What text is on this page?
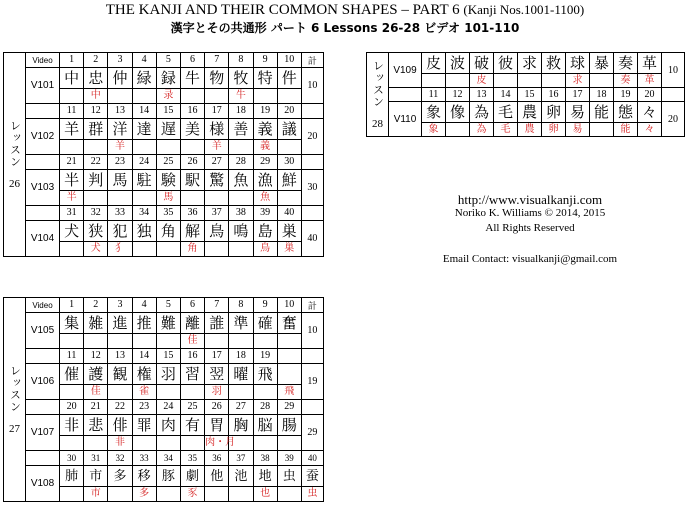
THE KANJI AND THEIR COMMON SHAPES – PART 6 (Kanji Nos.1001-1100)
漢字とその共通形 パート 6 Lessons 26-28 ビデオ 101-110
レッスン
26	Video	1	2	3	4	5	6	7	8	9	10	計
	V101	中	忠	仲	緑	録	牛	物	牧	特	件	10
			中			录			牛			
		11	12	13	14	15	16	17	18	19	20	
	V102	羊	群	洋	達	遅	美	様	善	義	議	20
				羊				羊		義		
		21	22	23	24	25	26	27	28	29	30	
	V103	半	判	馬	駐	験	駅	驚	魚	漁	鮮	30
		半				馬				魚		
		31	32	33	34	35	36	37	38	39	40	
	V104	犬	狭	犯	独	角	解	鳥	鳴	島	巣	40
			犬	犭			角			鳥	巣	
レッスン
27	Video	1	2	3	4	5	6	7	8	9	10	計	
	V105	集	雑	進	推	難	離	誰	準	確	奮	10	
							佳						
		11	12	13	14	15	16	17	18	19			
	V106	催	護	観	権	羽	習	翌	曜	飛		19	
			佳		雀			羽			飛		
		20	21	22	23	24	25	26	27	28	29		
	V107	非	悲	俳	罪	肉	有	胃	胸	脳	腸	29	
				非				肉・月					
		30	31	32	33	34	35	36	37	38	39	40	
	V108	肺	市	多	移	豚	劇	他	池	地	虫	蚕	
			市		多		豕			也		虫	
レッスン
28	V109	皮	波	破	彼	求	救	球	暴	奏	革	10
				皮				求		奏	革	
		11	12	13	14	15	16	17	18	19	20	
	V110	象	像	為	毛	農	卵	易	能	態	々	20
		象		為	毛	農	卵	易		能	々	
http://www.visualkanji.com
Noriko K. Williams © 2014, 2015
All Rights Reserved
Email Contact: visualkanji@gmail.com
